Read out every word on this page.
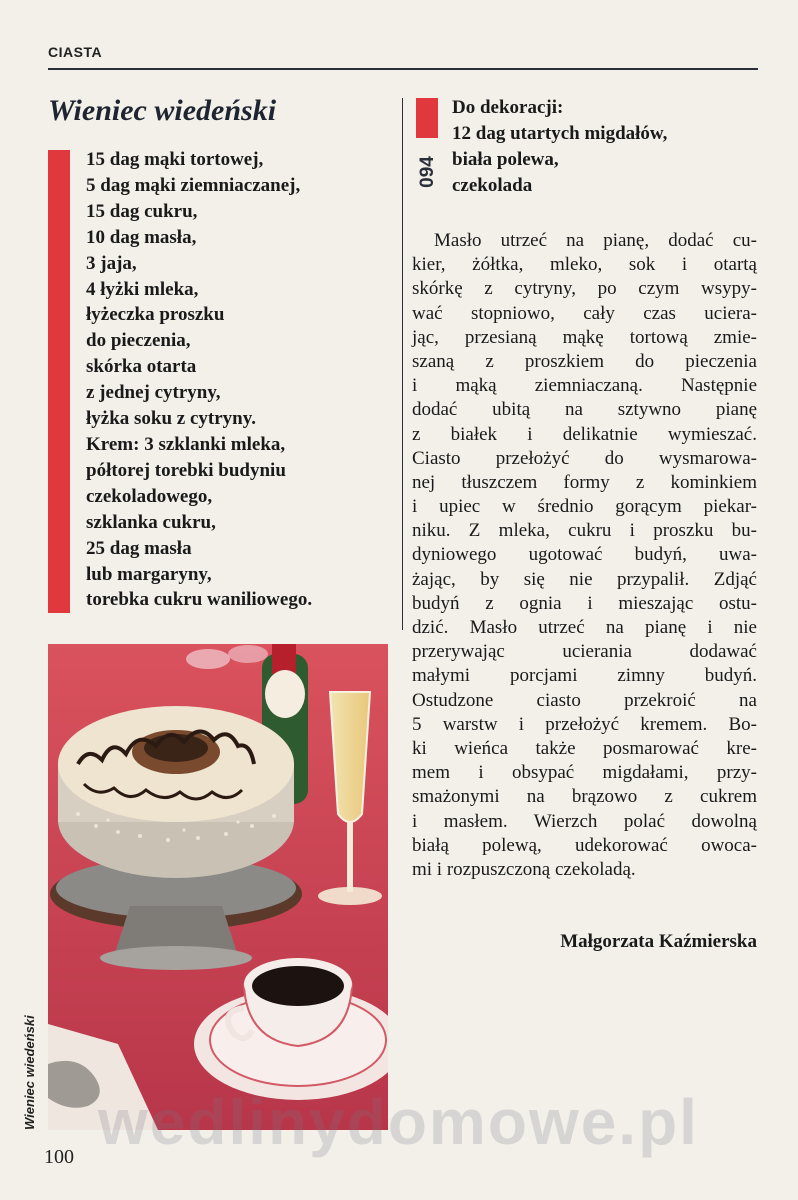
CIASTA
Wieniec wiedeński
15 dag mąki tortowej,
5 dag mąki ziemniaczanej,
15 dag cukru,
10 dag masła,
3 jaja,
4 łyżki mleka,
łyżeczka proszku
do pieczenia,
skórka otarta
z jednej cytryny,
łyżka soku z cytryny.
Krem: 3 szklanki mleka,
półtorej torebki budyniu
czekoladowego,
szklanka cukru,
25 dag masła
lub margaryny,
torebka cukru waniliowego.
094
Do dekoracji:
12 dag utartych migdałów,
biała polewa,
czekolada
Masło utrzeć na pianę, dodać cu-
kier, żółtka, mleko, sok i otartą
skórkę z cytryny, po czym wsypy-
wać stopniowo, cały czas ucierа-
jąc, przesianą mąkę tortową zmie-
szaną z proszkiem do pieczenia
i mąką ziemniaczaną. Następnie
dodać ubitą na sztywno pianę
z białek i delikatnie wymieszać.
Ciasto przełożyć do wysmarowa-
nej tłuszczem formy z kominkiem
i upiec w średnio gorącym piekar-
niku. Z mleka, cukru i proszku bu-
dyniowego ugotować budyń, uwa-
żając, by się nie przypalił. Zdjąć
budyń z ognia i mieszając ostu-
dzić. Masło utrzeć na pianę i nie
przerywając ucierania dodawać
małymi porcjami zimny budyń.
Ostudzone ciasto przekroić na
5 warstw i przełożyć kremem. Bo-
ki wieńca także posmarować kre-
mem i obsypać migdałami, przy-
smażonymi na brązowo z cukrem
i masłem. Wierzch polać dowolną
białą polewą, udekorować owoca-
mi i rozpuszczoną czekoladą.
Małgorzata Kaźmierska
Wieniec wiedeński
100 wedlinydomowe.pl
